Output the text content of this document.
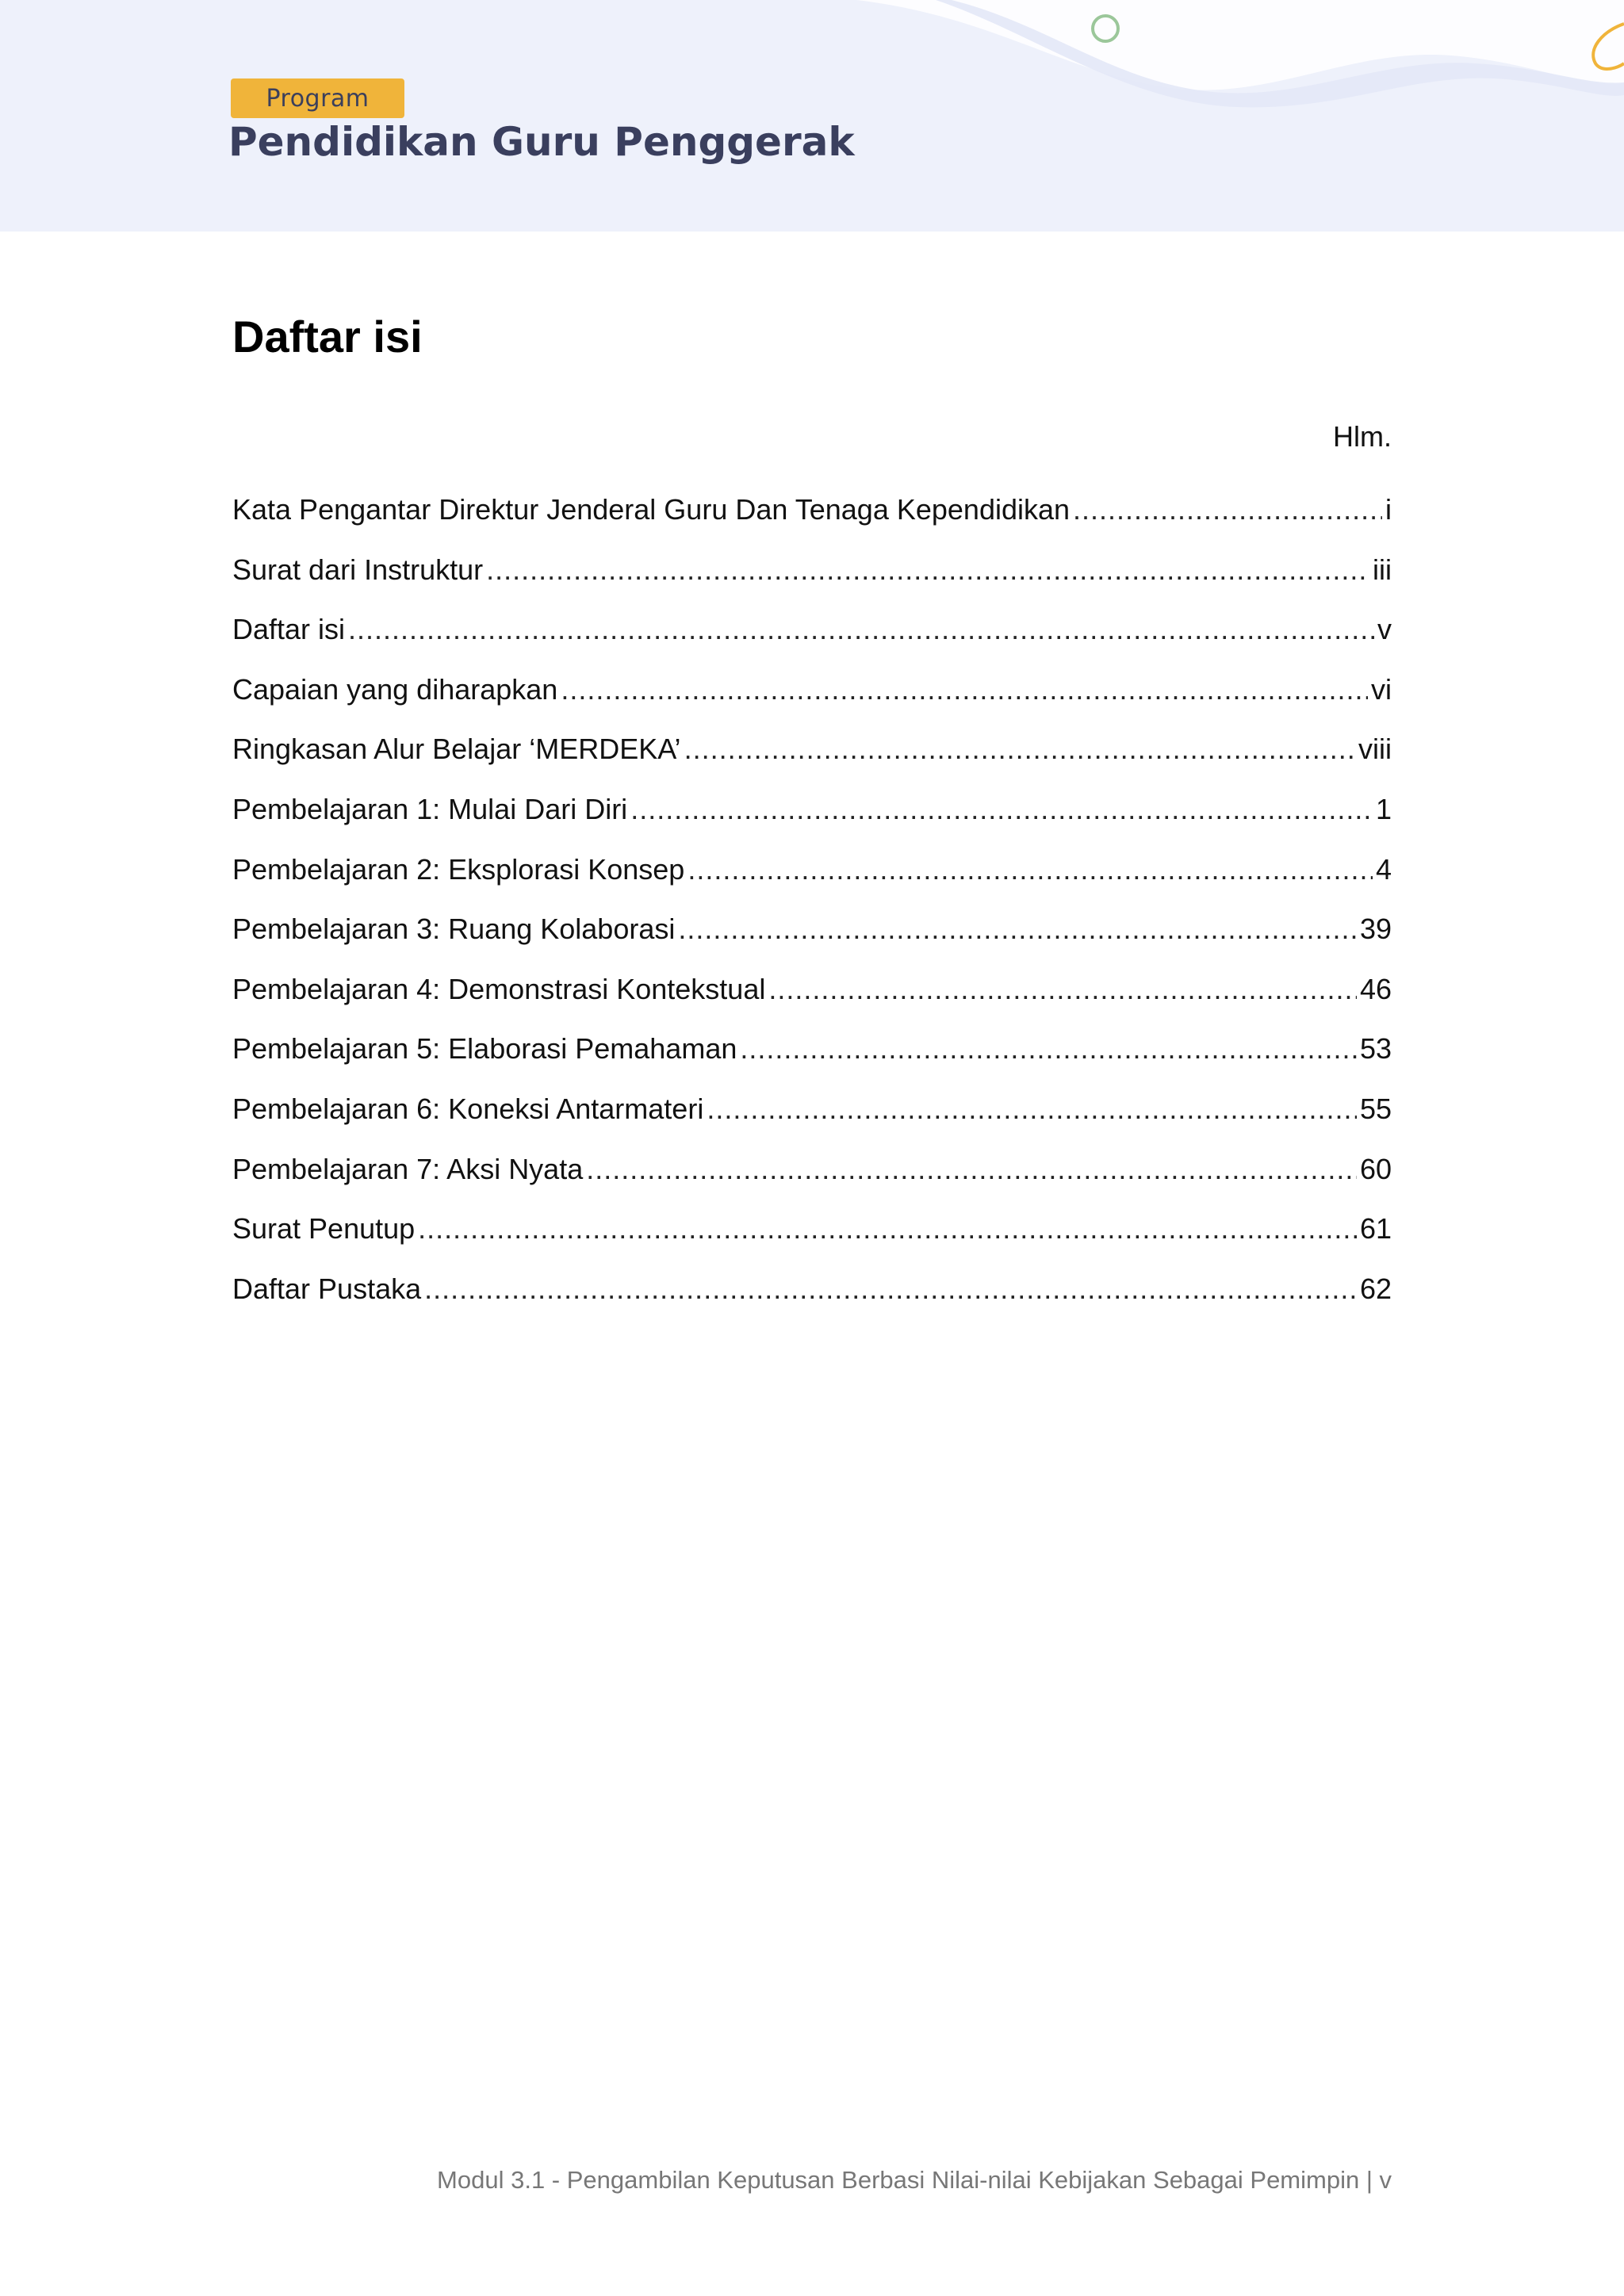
Program
Pendidikan Guru Penggerak
Daftar isi
Hlm.
Kata Pengantar Direktur Jenderal Guru Dan Tenaga Kependidikan .....	i
Surat dari Instruktur .....	iii
Daftar isi .....	v
Capaian yang diharapkan .....	vi
Ringkasan Alur Belajar ‘MERDEKA’ .....	viii
Pembelajaran 1: Mulai Dari Diri .....	1
Pembelajaran 2: Eksplorasi Konsep .....	4
Pembelajaran 3: Ruang Kolaborasi .....	39
Pembelajaran 4: Demonstrasi Kontekstual .....	46
Pembelajaran 5: Elaborasi Pemahaman .....	53
Pembelajaran 6: Koneksi Antarmateri .....	55
Pembelajaran 7: Aksi Nyata .....	60
Surat Penutup .....	61
Daftar Pustaka .....	62
Modul 3.1 - Pengambilan Keputusan Berbasi Nilai-nilai Kebijakan Sebagai Pemimpin | v
